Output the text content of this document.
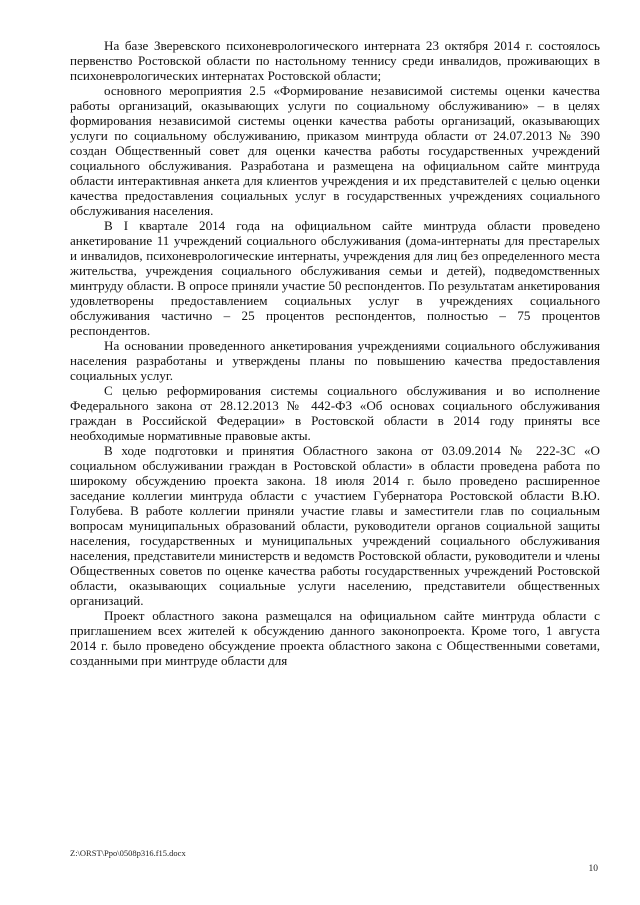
На базе Зверевского психоневрологического интерната 23 октября 2014 г. состоялось первенство Ростовской области по настольному теннису среди инвалидов, проживающих в психоневрологических интернатах Ростовской области;

основного мероприятия 2.5 «Формирование независимой системы оценки качества работы организаций, оказывающих услуги по социальному обслуживанию» – в целях формирования независимой системы оценки качества работы организаций, оказывающих услуги по социальному обслуживанию, приказом минтруда области от 24.07.2013 № 390 создан Общественный совет для оценки качества работы государственных учреждений социального обслуживания. Разработана и размещена на официальном сайте минтруда области интерактивная анкета для клиентов учреждения и их представителей с целью оценки качества предоставления социальных услуг в государственных учреждениях социального обслуживания населения.

В I квартале 2014 года на официальном сайте минтруда области проведено анкетирование 11 учреждений социального обслуживания (дома-интернаты для престарелых и инвалидов, психоневрологические интернаты, учреждения для лиц без определенного места жительства, учреждения социального обслуживания семьи и детей), подведомственных минтруду области. В опросе приняли участие 50 респондентов. По результатам анкетирования удовлетворены предоставлением социальных услуг в учреждениях социального обслуживания частично – 25 процентов респондентов, полностью – 75 процентов респондентов.

На основании проведенного анкетирования учреждениями социального обслуживания населения разработаны и утверждены планы по повышению качества предоставления социальных услуг.

С целью реформирования системы социального обслуживания и во исполнение Федерального закона от 28.12.2013 № 442-ФЗ «Об основах социального обслуживания граждан в Российской Федерации» в Ростовской области в 2014 году приняты все необходимые нормативные правовые акты.

В ходе подготовки и принятия Областного закона от 03.09.2014 № 222-ЗС «О социальном обслуживании граждан в Ростовской области» в области проведена работа по широкому обсуждению проекта закона. 18 июля 2014 г. было проведено расширенное заседание коллегии минтруда области с участием Губернатора Ростовской области В.Ю. Голубева. В работе коллегии приняли участие главы и заместители глав по социальным вопросам муниципальных образований области, руководители органов социальной защиты населения, государственных и муниципальных учреждений социального обслуживания населения, представители министерств и ведомств Ростовской области, руководители и члены Общественных советов по оценке качества работы государственных учреждений Ростовской области, оказывающих социальные услуги населению, представители общественных организаций.

Проект областного закона размещался на официальном сайте минтруда области с приглашением всех жителей к обсуждению данного законопроекта. Кроме того, 1 августа 2014 г. было проведено обсуждение проекта областного закона с Общественными советами, созданными при минтруде области для

Z:\ORST\Ppo\0508p316.f15.docx
10
